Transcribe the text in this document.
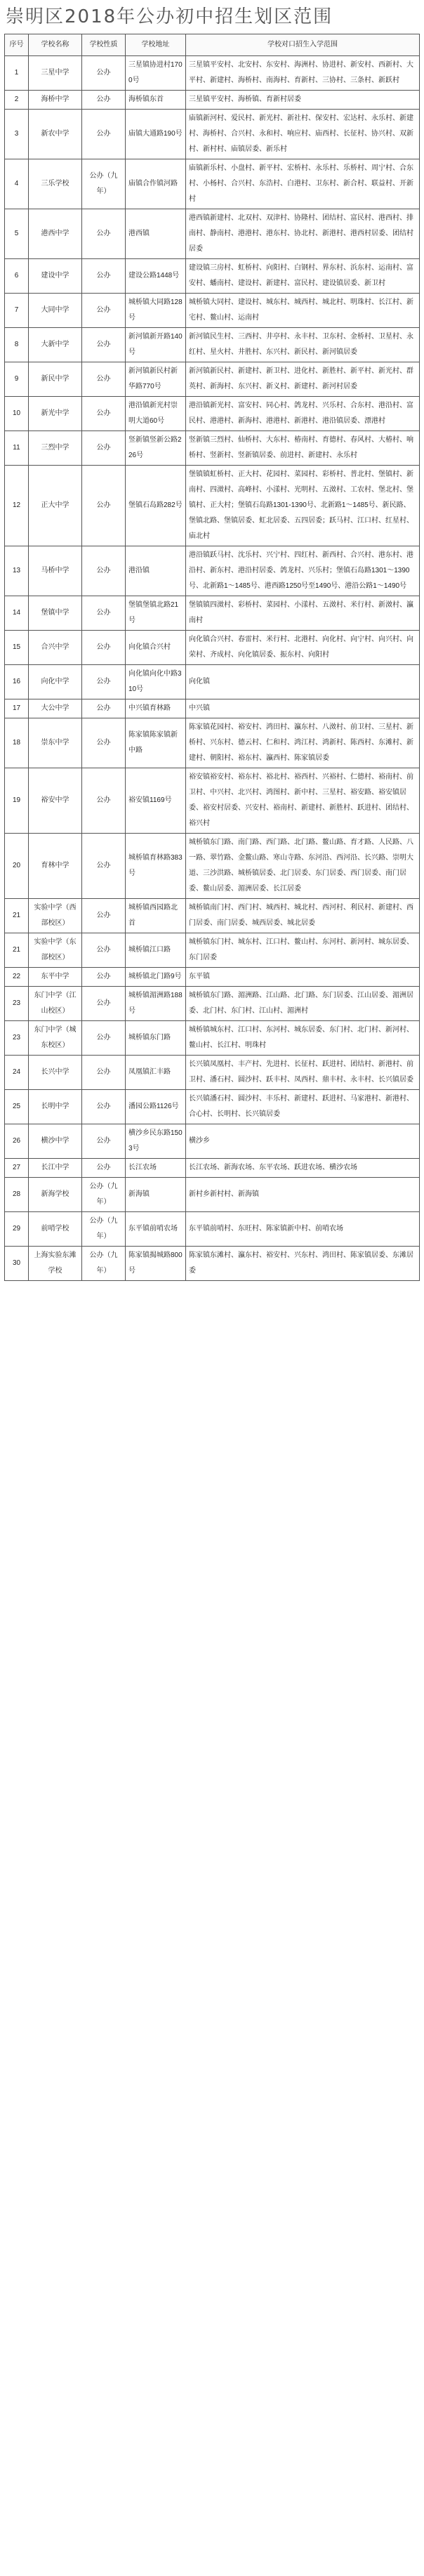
崇明区2018年公办初中招生划区范围
序号	学校名称	学校性质	学校地址	学校对口招生入学范围
1	三星中学	公办	三星镇协进村1700号	三星镇平安村、北安村、东安村、海洲村、协进村、新安村、西新村、大平村、新建村、海桥村、南海村、育新村、三协村、三条村、新跃村
2	海桥中学	公办	海桥镇东首	三星镇平安村、海桥镇、育新村居委
3	新农中学	公办	庙镇大通路190号	庙镇新河村、爱民村、新光村、新社村、保安村、宏达村、永乐村、新建村、海桥村、合兴村、永和村、响应村、庙西村、长征村、协兴村、双新村、新村村、庙镇居委、新乐村
4	三乐学校	公办（九年）	庙镇合作镇河路	庙镇新乐村、小盘村、新平村、宏桥村、永乐村、乐桥村、周宁村、合东村、小杨村、合兴村、东浩村、白港村、卫东村、新合村、联益村、开新村
5	港西中学	公办	港西镇	港西镇新建村、北双村、双津村、协隆村、团结村、富民村、港西村、排南村、静南村、港港村、港东村、协北村、新港村、港西村居委、团结村居委
6	建设中学	公办	建设公路1448号	建设镇三房村、虹桥村、向阳村、白钢村、界东村、浜东村、运南村、富安村、蟠南村、建设村、新建村、富民村、建设镇居委、新卫村
7	大同中学	公办	城桥镇大同路128号	城桥镇大同村、建设村、城东村、城西村、城北村、明珠村、长江村、新宅村、鳌山村、运南村
8	大新中学	公办	新河镇新开路140号	新河镇民生村、三西村、井亭村、永丰村、卫东村、金桥村、卫星村、永红村、星火村、井胜村、东兴村、新民村、新河镇居委
9	新民中学	公办	新河镇新民村新华路770号	新河镇新民村、新建村、新卫村、进化村、新胜村、新平村、新光村、群英村、新海村、东兴村、新义村、新建村、新河村居委
10	新光中学	公办	港沿镇新光村崇明大道60号	港沿镇新光村、富安村、同心村、鸽龙村、兴乐村、合东村、港沿村、富民村、港港村、新海村、港港村、新港村、港沿镇居委、漂港村
11	三烈中学	公办	竖新镇竖新公路226号	竖新镇三烈村、仙桥村、大东村、椿南村、育德村、春风村、大椿村、响桥村、竖新村、竖新镇居委、前进村、新建村、永乐村
12	正大中学	公办	堡镇石岛路282号	堡镇镇虹桥村、正大村、花园村、菜园村、彩桥村、普北村、堡镇村、新南村、四滧村、高峰村、小漾村、光明村、五滧村、工农村、堡北村、堡镇村、正大村；堡镇石岛路1301-1390号、北新路1～1485号、新民路、堡镇北路、堡镇居委、虹北居委、五四居委；跃马村、江口村、红星村、庙北村
13	马桥中学	公办	港沿镇	港沿镇跃马村、沈乐村、兴宁村、四红村、新西村、合兴村、港东村、港沿村、新东村、港沿村居委、鸽龙村、兴乐村；堡镇石岛路1301～1390号、北新路1～1485号、港西路1250号至1490号、港沿公路1～1490号
14	堡镇中学	公办	堡镇堡镇北路21号	堡镇镇四滧村、彩桥村、菜园村、小漾村、五滧村、米行村、新滧村、瀛南村
15	合兴中学	公办	向化镇合兴村	向化镇合兴村、春雷村、米行村、北港村、向化村、向宁村、向兴村、向荣村、齐成村、向化镇居委、振东村、向阳村
16	向化中学	公办	向化镇向化中路310号	向化镇
17	大公中学	公办	中兴镇育林路	中兴镇
18	崇东中学	公办	陈家镇陈家镇新中路	陈家镇花园村、裕安村、鸿田村、瀛东村、八滧村、前卫村、三星村、新桥村、兴东村、德云村、仁和村、鸿江村、鸿新村、陈西村、东滩村、新建村、朝阳村、裕东村、瀛西村、陈家镇居委
19	裕安中学	公办	裕安镇1169号	裕安镇裕安村、裕东村、裕北村、裕西村、兴裕村、仁德村、裕南村、前卫村、中兴村、北兴村、鸿图村、新中村、三星村、裕安路、裕安镇居委、裕安村居委、兴安村、裕南村、新建村、新胜村、跃进村、团结村、裕兴村
20	育林中学	公办	城桥镇育林路383号	城桥镇东门路、南门路、西门路、北门路、鳌山路、育才路、人民路、八一路、翠竹路、金鳌山路、寒山寺路、东河沿、西河沿、长兴路、崇明大道、三沙洪路、城桥镇居委、北门居委、东门居委、西门居委、南门居委、鳌山居委、湄洲居委、长江居委
21	实验中学（西部校区）	公办	城桥镇西园路北首	城桥镇南门村、西门村、城西村、城北村、西河村、利民村、新建村、西门居委、南门居委、城西居委、城北居委
21	实验中学（东部校区）	公办	城桥镇江口路	城桥镇东门村、城东村、江口村、鳌山村、东河村、新河村、城东居委、东门居委
22	东平中学	公办	城桥镇北门路9号	东平镇
23	东门中学（江山校区）	公办	城桥镇湄洲路188号	城桥镇东门路、湄洲路、江山路、北门路、东门居委、江山居委、湄洲居委、北门村、东门村、江山村、湄洲村
23	东门中学（城东校区）	公办	城桥镇东门路	城桥镇城东村、江口村、东河村、城东居委、东门村、北门村、新河村、鳌山村、长江村、明珠村
24	长兴中学	公办	凤凰镇汇丰路	长兴镇凤凰村、丰产村、先进村、长征村、跃进村、团结村、新港村、前卫村、潘石村、圆沙村、跃丰村、凤西村、鼎丰村、永丰村、长兴镇居委
25	长明中学	公办	潘园公路1126号	长兴镇潘石村、圆沙村、丰乐村、新建村、跃进村、马家港村、新港村、合心村、长明村、长兴镇居委
26	横沙中学	公办	横沙乡民东路1503号	横沙乡
27	长江中学	公办	长江农场	长江农场、新海农场、东平农场、跃进农场、横沙农场
28	新海学校	公办（九年）	新海镇	新村乡新村村、新海镇
29	前哨学校	公办（九年）	东平镇前哨农场	东平镇前哨村、东旺村、陈家镇新中村、前哨农场
30	上海实验东滩学校	公办（九年）	陈家镇揭城路800号	陈家镇东滩村、瀛东村、裕安村、兴东村、鸿田村、陈家镇居委、东滩居委
